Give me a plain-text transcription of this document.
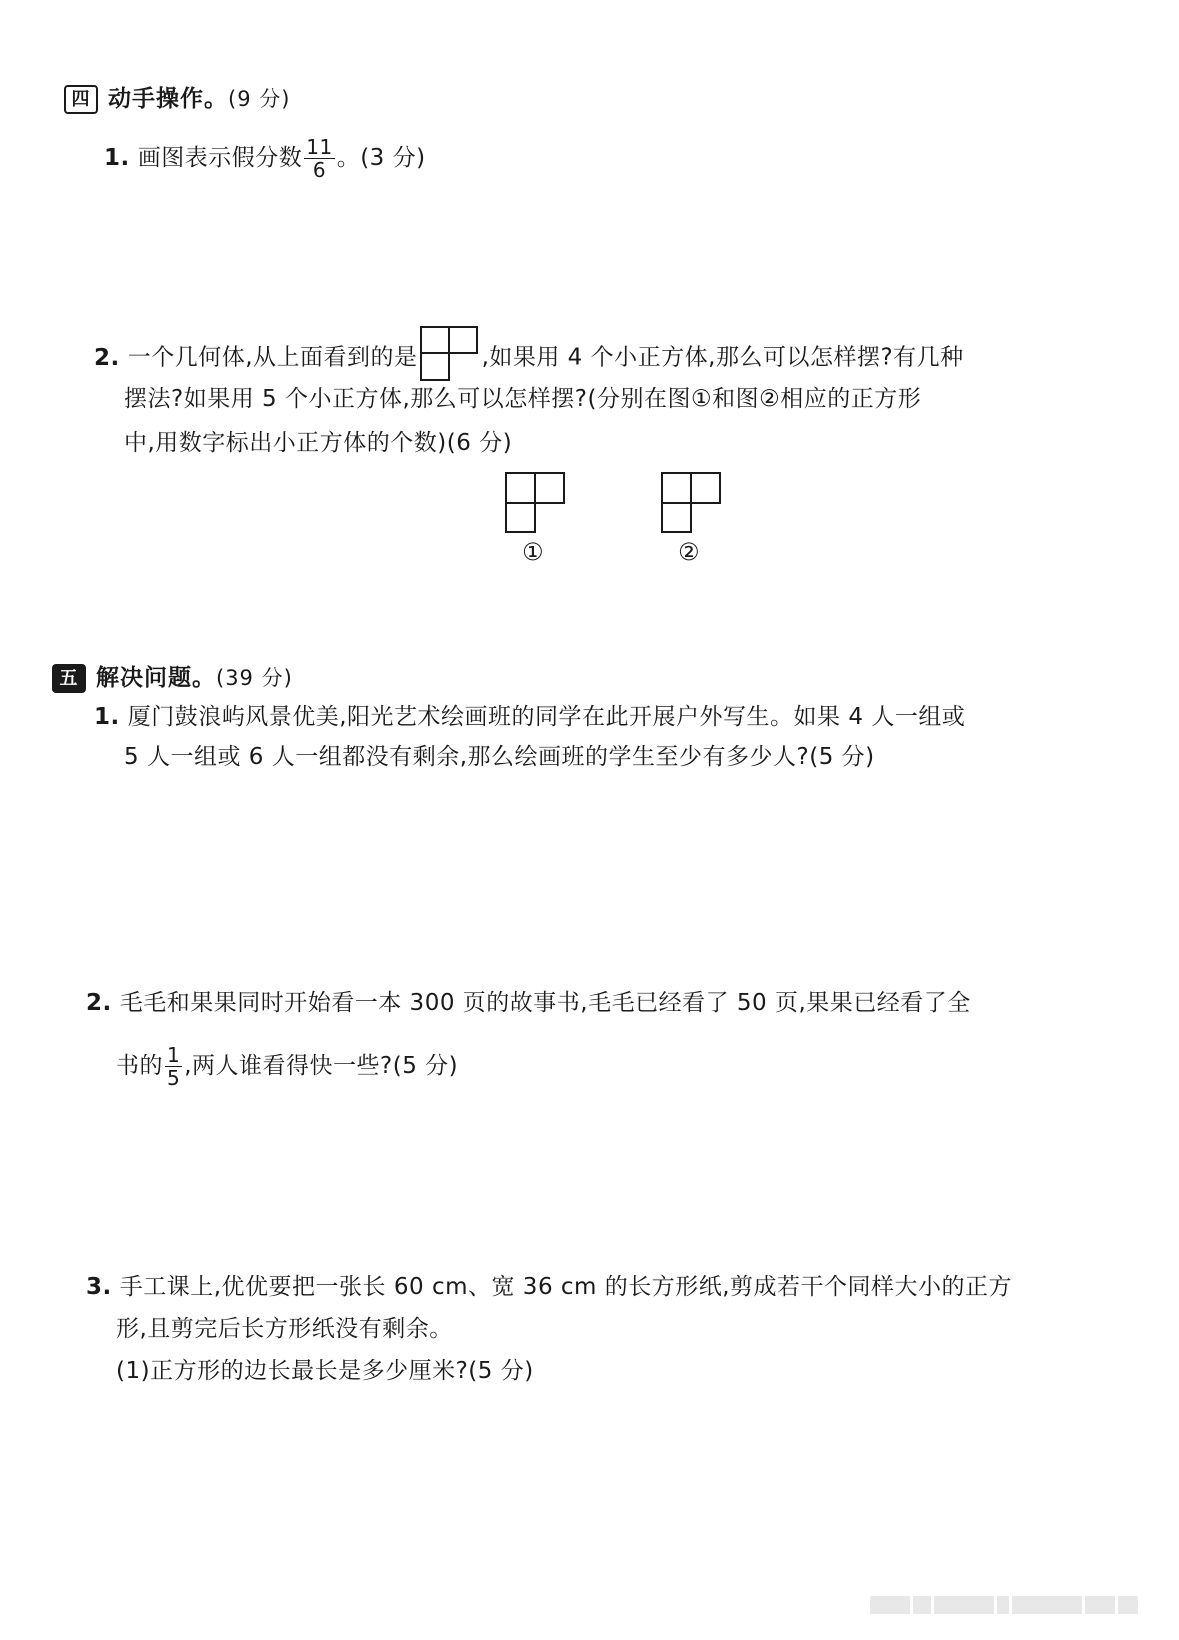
四 动手操作。(9 分)
1. 画图表示假分数 $\frac{11}{6}$ 。(3 分)
2. 一个几何体,从上面看到的是	,如果用 4 个小正方体,那么可以怎样摆?有几种
摆法?如果用 5 个小正方体,那么可以怎样摆?(分别在图①和图②相应的正方形
中,用数字标出小正方体的个数)(6 分)
①	②
五 解决问题。(39 分)
1. 厦门鼓浪屿风景优美,阳光艺术绘画班的同学在此开展户外写生。如果 4 人一组或
5 人一组或 6 人一组都没有剩余,那么绘画班的学生至少有多少人?(5 分)
2. 毛毛和果果同时开始看一本 300 页的故事书,毛毛已经看了 50 页,果果已经看了全
书的 $\frac{1}{5}$ ,两人谁看得快一些?(5 分)
3. 手工课上,优优要把一张长 60 cm、宽 36 cm 的长方形纸,剪成若干个同样大小的正方
形,且剪完后长方形纸没有剩余。
(1)正方形的边长最长是多少厘米?(5 分)
